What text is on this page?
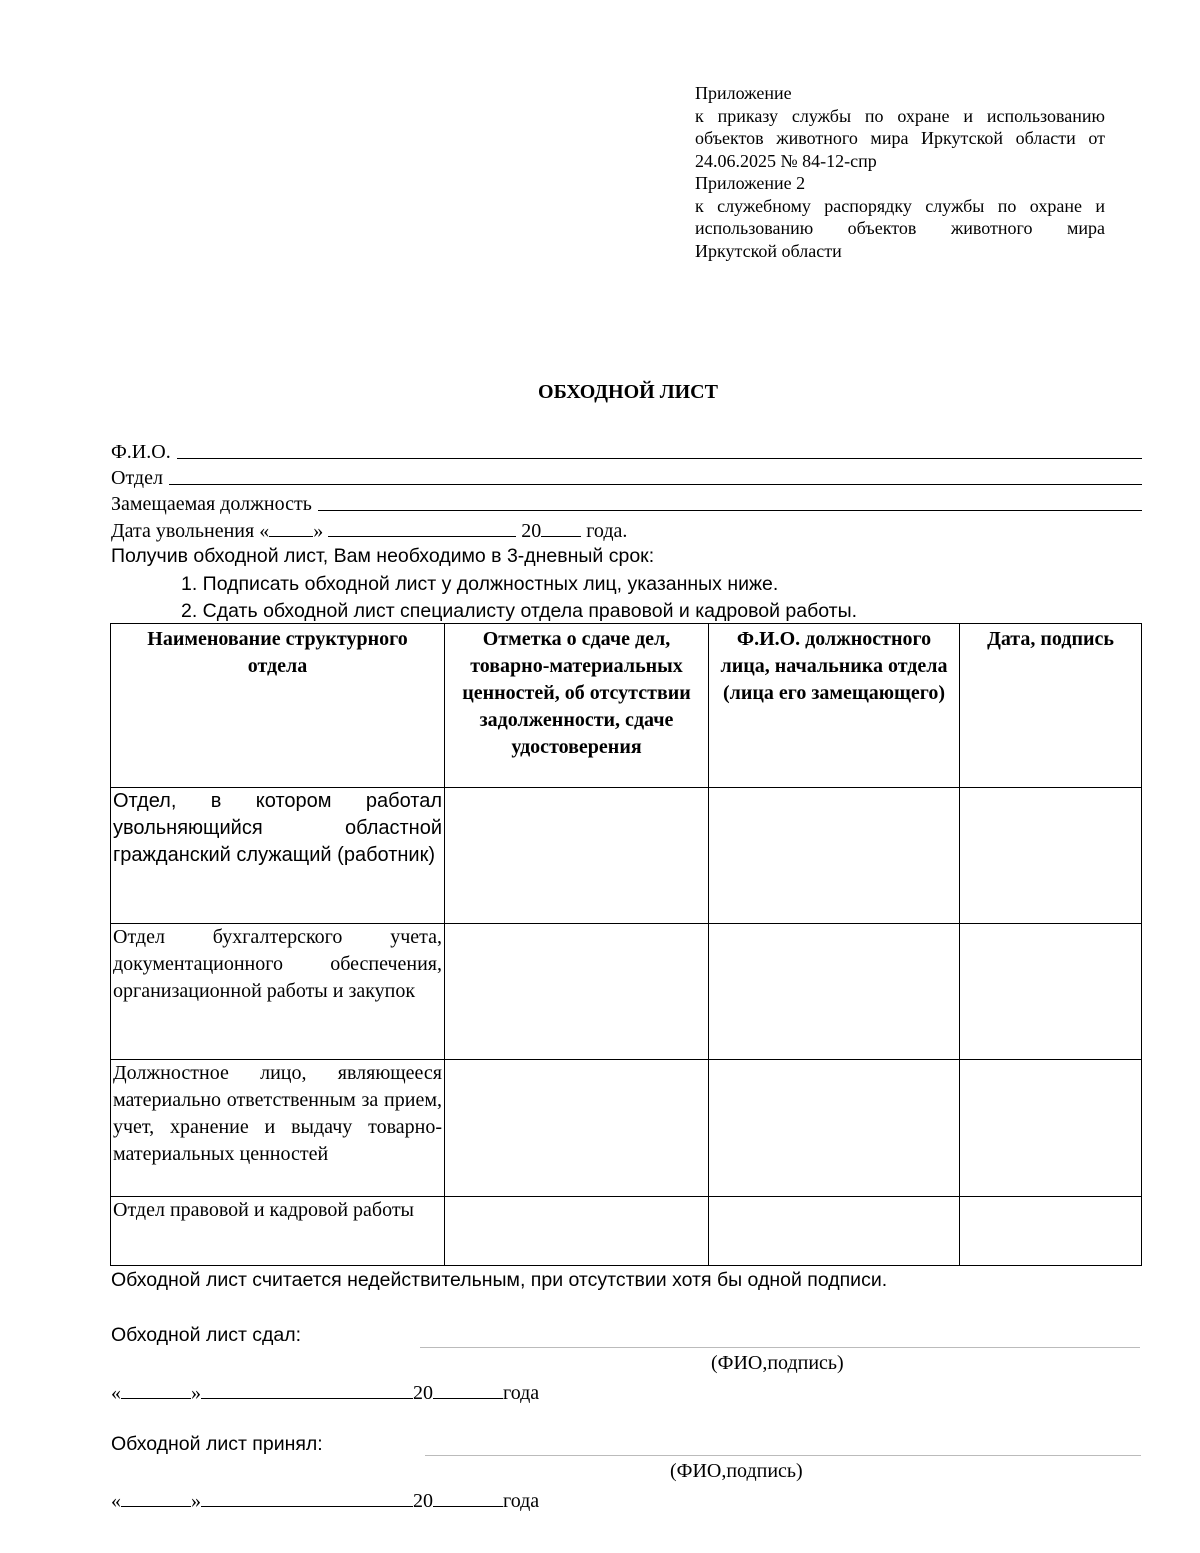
Приложение
к приказу службы по охране и использованию
объектов животного мира Иркутской области от
24.06.2025 № 84-12-спр
Приложение 2
к служебному распорядку службы по охране и
использованию объектов животного мира
Иркутской области
ОБХОДНОЙ ЛИСТ
Ф.И.О.
Отдел
Замещаемая должность
Дата увольнения « »	20 года.
Получив обходной лист, Вам необходимо в 3-дневный срок:
1. Подписать обходной лист у должностных лиц, указанных ниже.
2. Сдать обходной лист специалисту отдела правовой и кадровой работы.
Наименование структурного отдела	Отметка о сдаче дел, товарно-материальных ценностей, об отсутствии задолженности, сдаче удостоверения	Ф.И.О. должностного лица, начальника отдела (лица его замещающего)	Дата, подпись
Отдел, в котором работал увольняющийся областной гражданский служащий (работник)			
Отдел бухгалтерского учета, документационного обеспечения, организационной работы и закупок			
Должностное лицо, являющееся материально ответственным за прием, учет, хранение и выдачу товарно-материальных ценностей			
Отдел правовой и кадровой работы			
Обходной лист считается недействительным, при отсутствии хотя бы одной подписи.
Обходной лист сдал:
(ФИО,подпись)
«	»	20	года
Обходной лист принял:
(ФИО,подпись)
«	»	20	года
